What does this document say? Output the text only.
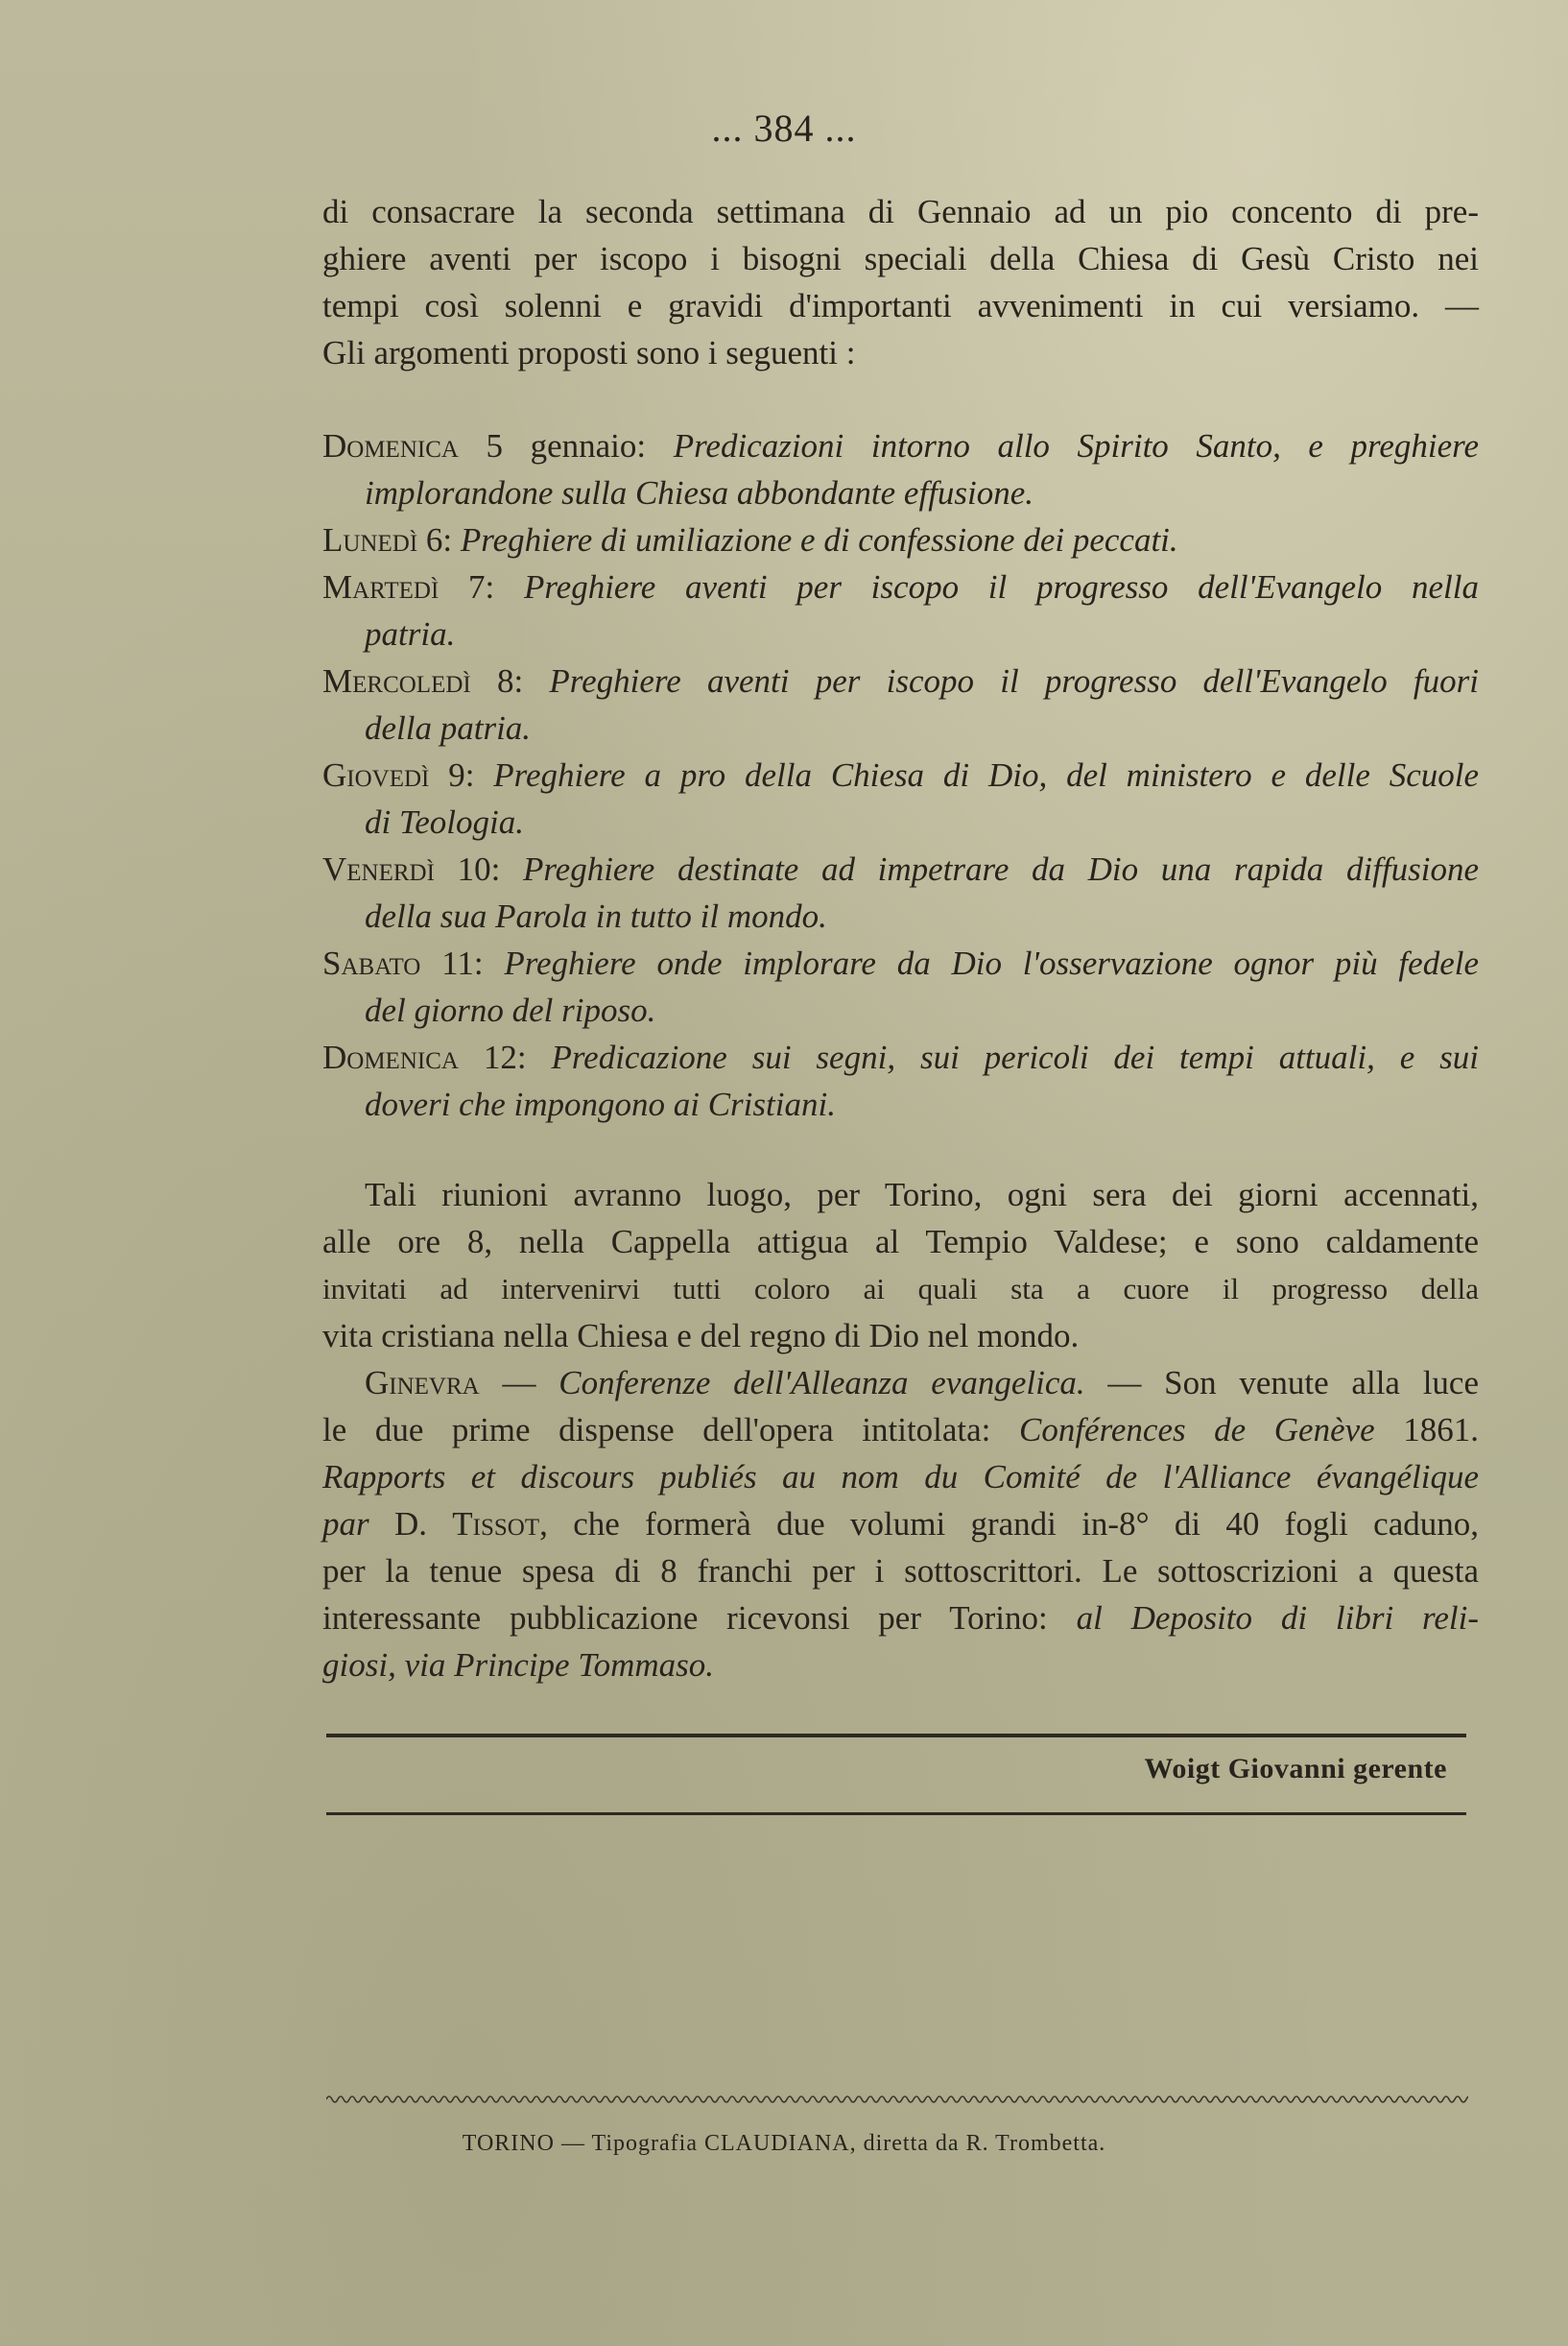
... 384 ...
di consacrare la seconda settimana di Gennaio ad un pio concento di pre-
ghiere aventi per iscopo i bisogni speciali della Chiesa di Gesù Cristo nei
tempi così solenni e gravidi d'importanti avvenimenti in cui versiamo. —
Gli argomenti proposti sono i seguenti :
Domenica 5 gennaio: Predicazioni intorno allo Spirito Santo, e preghiere
implorandone sulla Chiesa abbondante effusione.
Lunedì 6: Preghiere di umiliazione e di confessione dei peccati.
Martedì 7: Preghiere aventi per iscopo il progresso dell'Evangelo nella
patria.
Mercoledì 8: Preghiere aventi per iscopo il progresso dell'Evangelo fuori
della patria.
Giovedì 9: Preghiere a pro della Chiesa di Dio, del ministero e delle Scuole
di Teologia.
Venerdì 10: Preghiere destinate ad impetrare da Dio una rapida diffusione
della sua Parola in tutto il mondo.
Sabato 11: Preghiere onde implorare da Dio l'osservazione ognor più fedele
del giorno del riposo.
Domenica 12: Predicazione sui segni, sui pericoli dei tempi attuali, e sui
doveri che impongono ai Cristiani.
Tali riunioni avranno luogo, per Torino, ogni sera dei giorni accennati,
alle ore 8, nella Cappella attigua al Tempio Valdese; e sono caldamente
invitati ad intervenirvi tutti coloro ai quali sta a cuore il progresso della
vita cristiana nella Chiesa e del regno di Dio nel mondo.
Ginevra — Conferenze dell'Alleanza evangelica. — Son venute alla luce
le due prime dispense dell'opera intitolata: Conférences de Genève 1861.
Rapports et discours publiés au nom du Comité de l'Alliance évangélique
par D. Tissot, che formerà due volumi grandi in-8° di 40 fogli caduno,
per la tenue spesa di 8 franchi per i sottoscrittori. Le sottoscrizioni a questa
interessante pubblicazione ricevonsi per Torino: al Deposito di libri reli-
giosi, via Principe Tommaso.
Woigt Giovanni gerente
TORINO — Tipografia CLAUDIANA, diretta da R. Trombetta.
